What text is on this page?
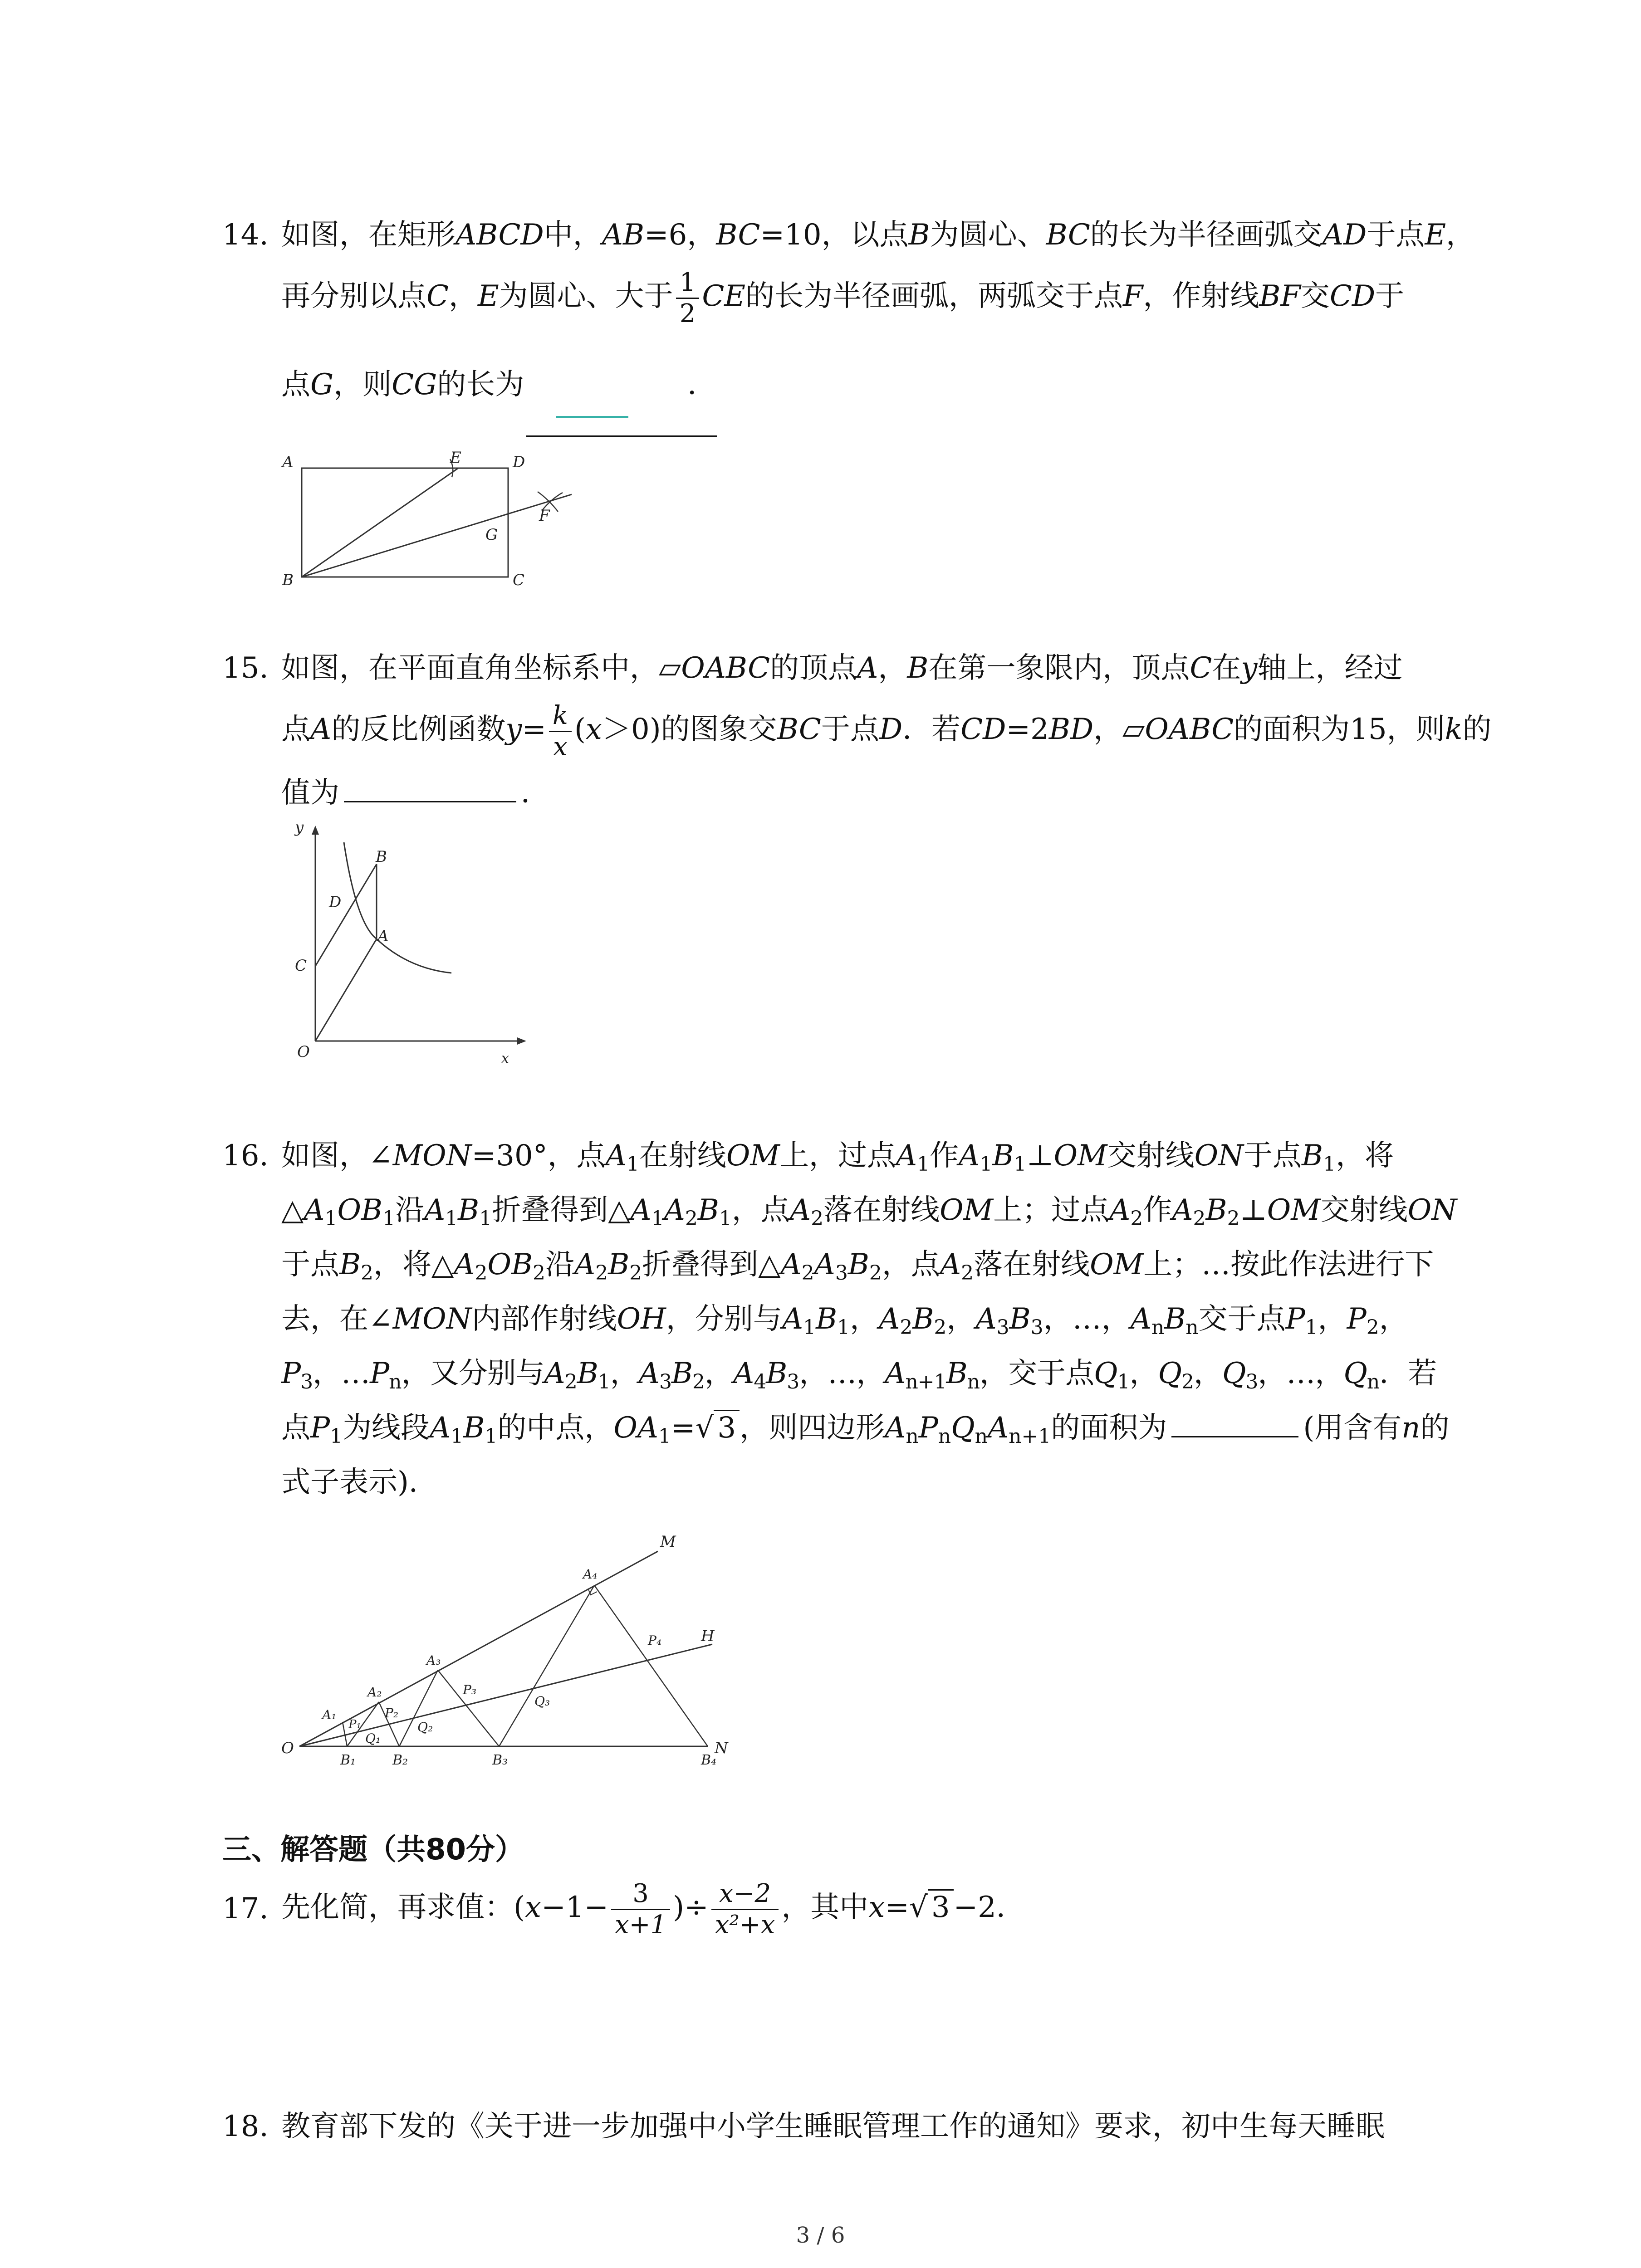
14. 如图，在矩形ABCD中，AB=6，BC=10，以点B为圆心、BC的长为半径画弧交AD于点E，
再分别以点C，E为圆心、大于 $\frac{1}{2}$ CE的长为半径画弧，两弧交于点F，作射线BF交CD于
点G，则CG的长为	．
A
B	C
D
E
F
G
15. 如图，在平面直角坐标系中，▱OABC的顶点A，B在第一象限内，顶点C在y轴上，经过
点A的反比例函数$y= \frac{k}{x} (x>0)$的图象交BC于点D．若CD=2BD，▱OABC的面积为15，则k的
值为	．
y
x
O
A
B
C
D
16. 如图，∠MON=30°，点$A_1$在射线OM上，过点$A_1$作$A_1B_1\perp OM$交射线ON于点$B_1$，将
$\triangle A_1OB_1$沿$A_1B_1$折叠得到$\triangle A_1A_2B_1$，点$A_2$落在射线OM上；过点$A_2$作$A_2B_2\perp OM$交射线ON
于点$B_2$，将$\triangle A_2OB_2$沿$A_2B_2$折叠得到$\triangle A_2A_3B_2$，点$A_2$落在射线OM上；…按此作法进行下
去，在∠MON内部作射线OH，分别与$A_1B_1$，$A_2B_2$，$A_3B_3$，…，$A_nB_n$交于点$P_1$，$P_2$，
$P_3$，$\dots P_n$，又分别与$A_2B_1$，$A_3B_2$，$A_4B_3$，…，$A_{n+1}B_n$，交于点$Q_1$，$Q_2$，$Q_3$，…，$Q_n$．若
点$P_1$为线段$A_1B_1$的中点，$OA_1=√$ 3 ，则四边形$A_nP_nQ_nA_{n+1}$的面积为	(用含有n的
式子表示)．
M
H
N
O
A₁
A₂
A₃
A₄
B₁	B₂	B₃	B₄
P₁
P₂
P₃
P₄
Q₁
Q₂
Q₃
三、解答题（共80分）
17. 先化简，再求值：($x-1- \frac{3}{x+1}$ )÷ $\frac{x-2}{\text{x²+x}}$ ，其中x=√ 3 −2．
18. 教育部下发的《关于进一步加强中小学生睡眠管理工作的通知》要求，初中生每天睡眠
3 / 6
